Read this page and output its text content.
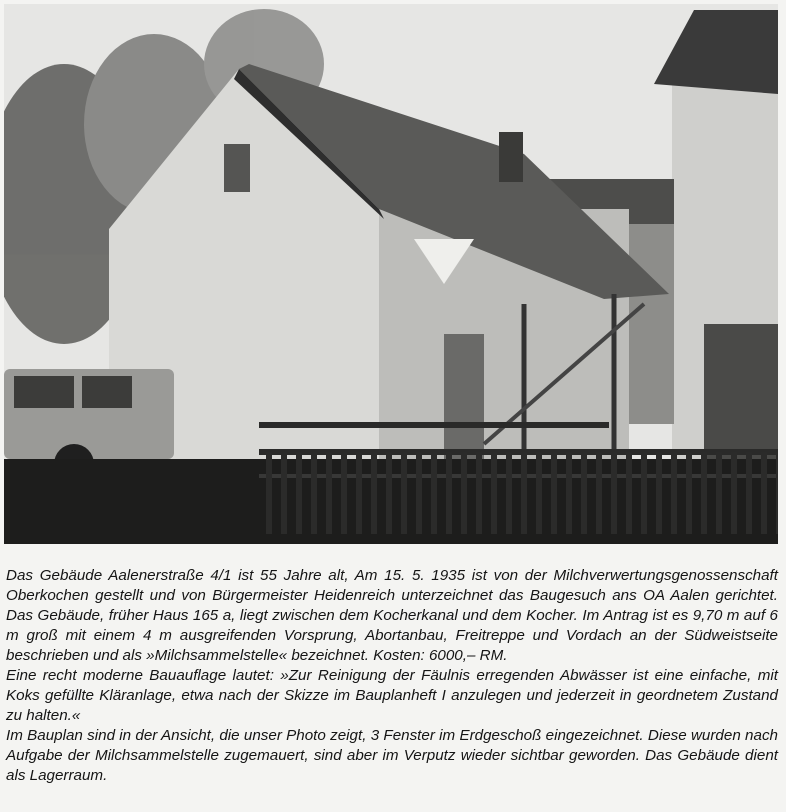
Das Gebäude Aalenerstraße 4/1 ist 55 Jahre alt, Am 15. 5. 1935 ist von der Milchverwertungsgenossenschaft Oberkochen gestellt und von Bürgermeister Heidenreich unterzeichnet das Baugesuch ans OA Aalen gerichtet. Das Gebäude, früher Haus 165 a, liegt zwischen dem Kocherkanal und dem Kocher. Im Antrag ist es 9,70 m auf 6 m groß mit einem 4 m ausgreifenden Vorsprung, Abortanbau, Freitreppe und Vordach an der Südweistseite beschrieben und als »Milchsammelstelle« bezeichnet. Kosten: 6000,– RM.

Eine recht moderne Bauauflage lautet: »Zur Reinigung der Fäulnis erregenden Abwässer ist eine einfache, mit Koks gefüllte Kläranlage, etwa nach der Skizze im Bauplanheft I anzulegen und jederzeit in geordnetem Zustand zu halten.«

Im Bauplan sind in der Ansicht, die unser Photo zeigt, 3 Fenster im Erdgeschoß eingezeichnet. Diese wurden nach Aufgabe der Milchsammelstelle zugemauert, sind aber im Verputz wieder sichtbar geworden. Das Gebäude dient als Lagerraum.
